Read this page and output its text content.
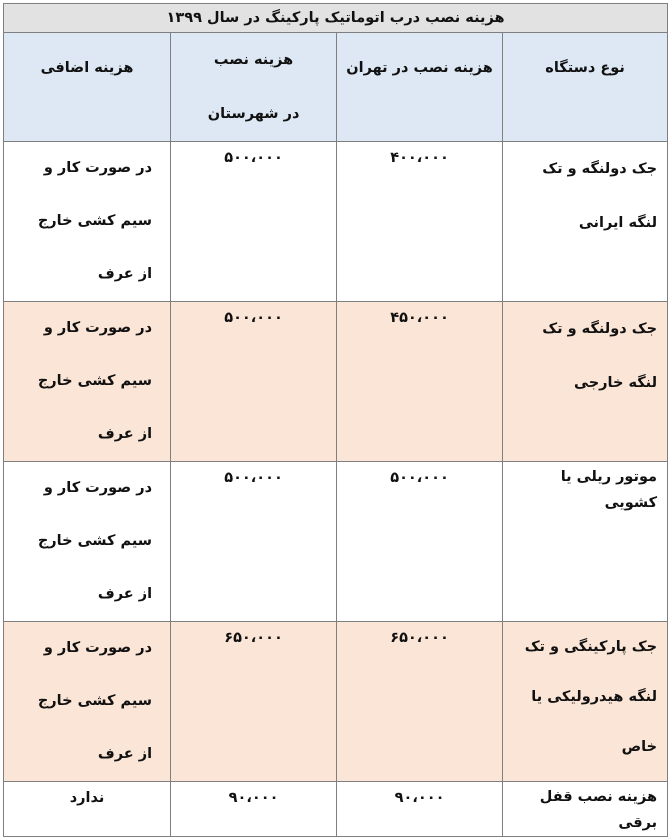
هزینه نصب درب اتوماتیک پارکینگ در سال ۱۳۹۹			

نوع دستگاه	هزینه نصب در تهران	هزینه نصب در شهرستان	هزینه اضافی

جک دولنگه و تک لنگه ایرانی	۴۰۰،۰۰۰	۵۰۰،۰۰۰	در صورت کار و سیم کشی خارج از عرف

جک دولنگه و تک لنگه خارجی	۴۵۰،۰۰۰	۵۰۰،۰۰۰	در صورت کار و سیم کشی خارج از عرف

موتور ریلی یا کشویی	۵۰۰،۰۰۰	۵۰۰،۰۰۰	در صورت کار و سیم کشی خارج از عرف

جک پارکینگی و تک لنگه هیدرولیکی یا خاص	۶۵۰،۰۰۰	۶۵۰،۰۰۰	در صورت کار و سیم کشی خارج از عرف

هزینه نصب قفل برقی	۹۰،۰۰۰	۹۰،۰۰۰	ندارد
